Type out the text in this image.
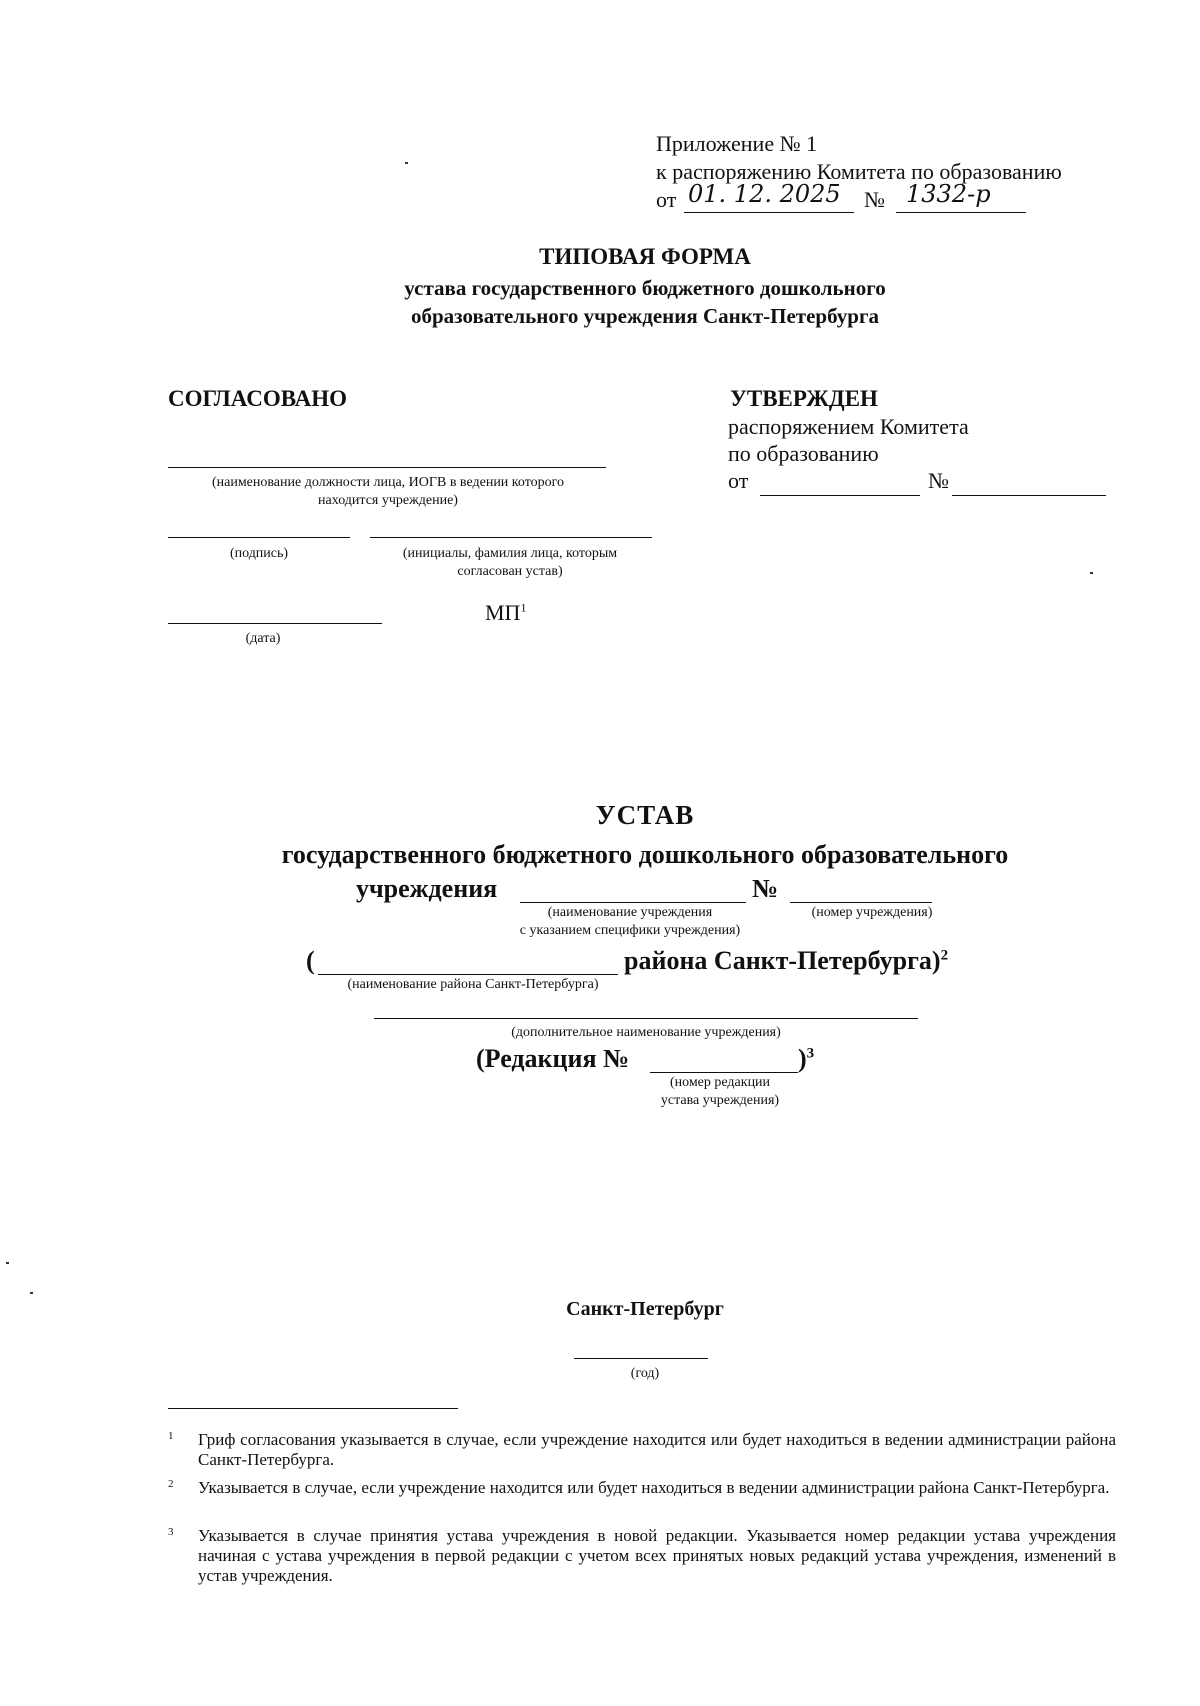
Приложение № 1
к распоряжению Комитета по образованию
от 01. 12. 2025 № 1332-р
ТИПОВАЯ ФОРМА
устава государственного бюджетного дошкольного
образовательного учреждения Санкт-Петербурга
СОГЛАСОВАНО
(наименование должности лица, ИОГВ в ведении которого
находится учреждение)
(подпись)	(инициалы, фамилия лица, которым
согласован устав)
$МП^1$
(дата)
УТВЕРЖДЕН
распоряжением Комитета
по образованию
от	№
УСТАВ
государственного бюджетного дошкольного образовательного
учреждения	№
(наименование учреждения
с указанием специфики учреждения)
(номер учреждения)
(	района Санкт-Петербурга)$^2$
(наименование района Санкт-Петербурга)
(дополнительное наименование учреждения)
(Редакция №	)$^3$
(номер редакции
устава учреждения)
Санкт-Петербург
(год)
1 Гриф согласования указывается в случае, если учреждение находится или будет находиться в ведении администрации района Санкт-Петербурга.
2 Указывается в случае, если учреждение находится или будет находиться в ведении администрации района Санкт-Петербурга.
3 Указывается в случае принятия устава учреждения в новой редакции. Указывается номер редакции устава учреждения начиная с устава учреждения в первой редакции с учетом всех принятых новых редакций устава учреждения, изменений в устав учреждения.
